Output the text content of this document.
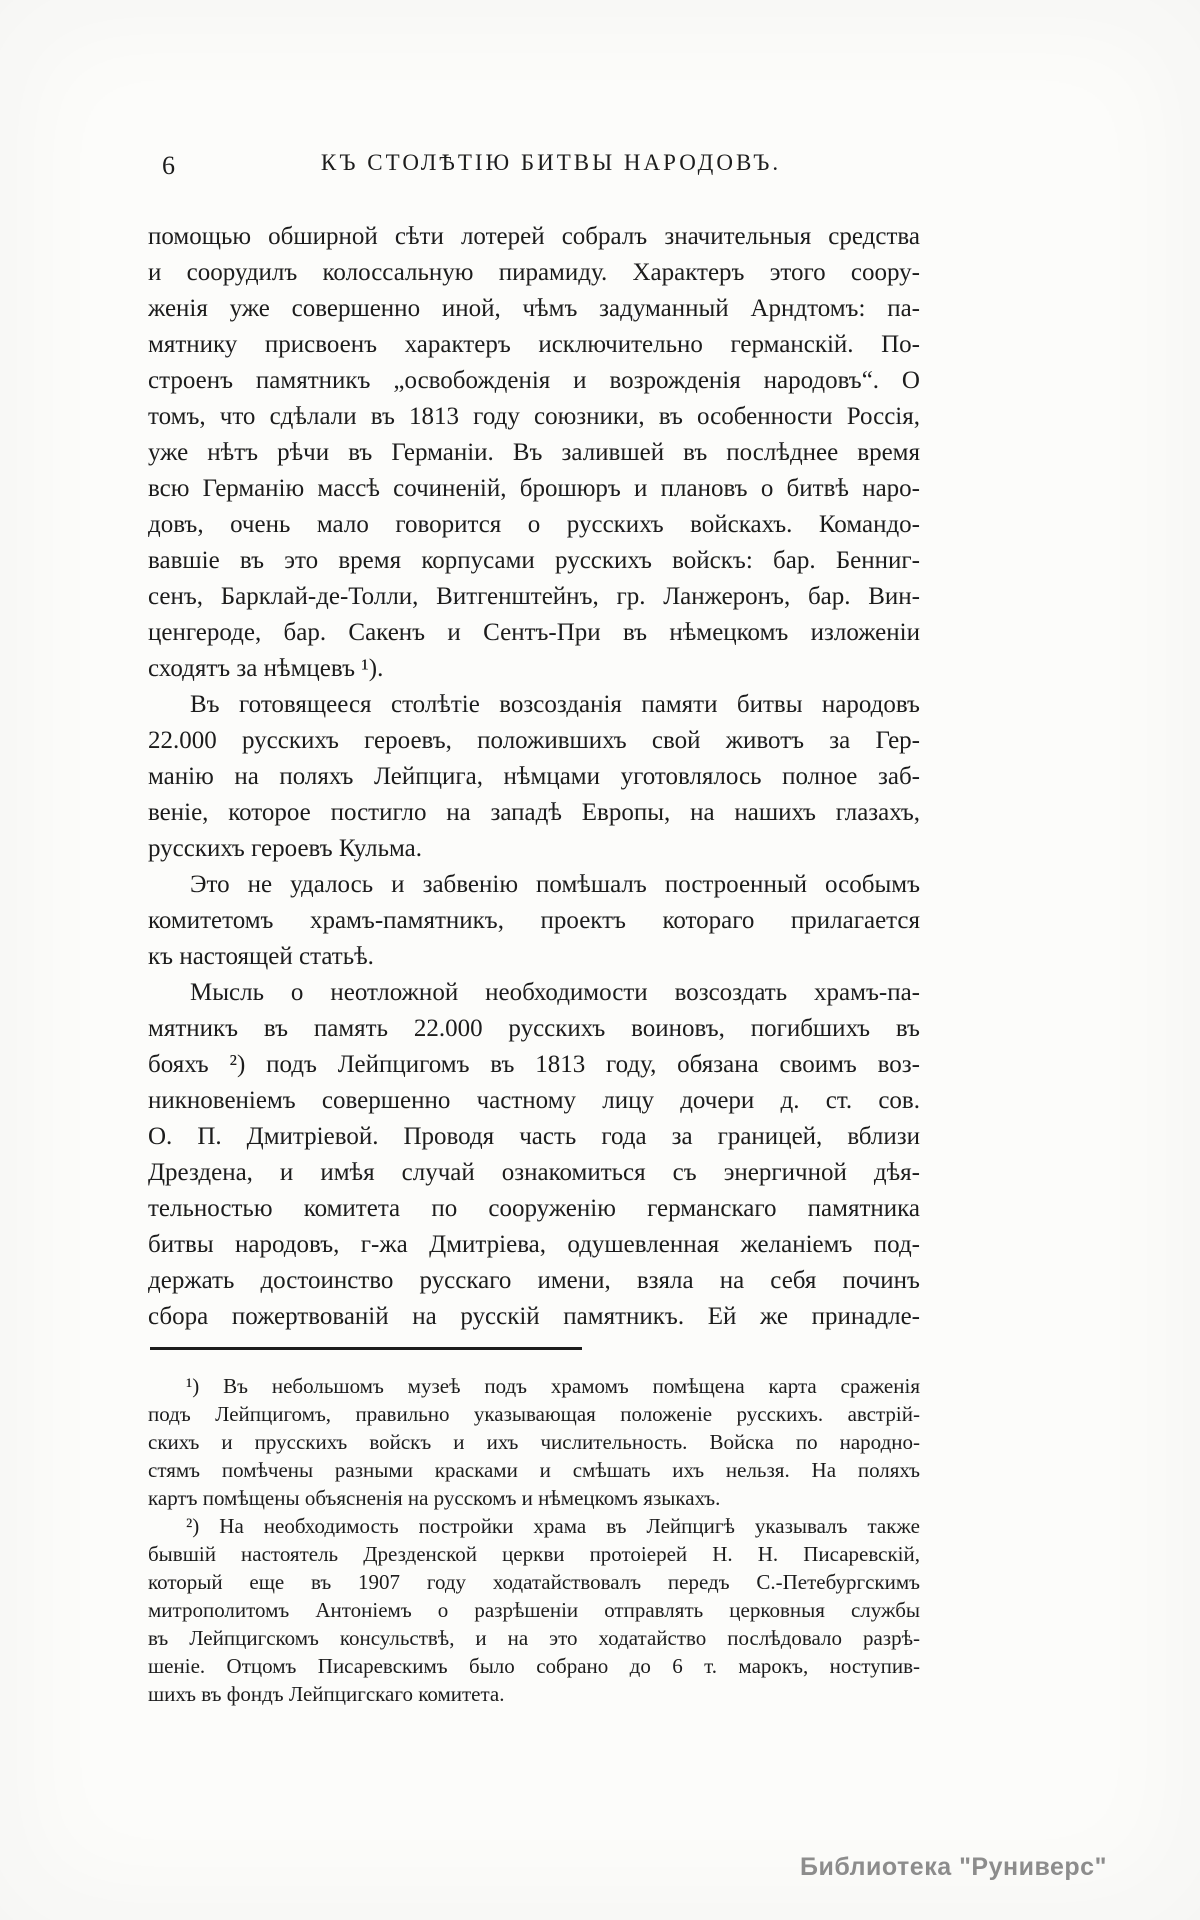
6	КЪ СТОЛѢТІЮ БИТВЫ НАРОДОВЪ.
помощью обширной сѣти лотерей собралъ значительныя средства
и соорудилъ колоссальную пирамиду. Характеръ этого соору-
женія уже совершенно иной, чѣмъ задуманный Арндтомъ: па-
мятнику присвоенъ характеръ исключительно германскій. По-
строенъ памятникъ „освобожденія и возрожденія народовъ“. О
томъ, что сдѣлали въ 1813 году союзники, въ особенности Россія,
уже нѣтъ рѣчи въ Германіи. Въ залившей въ послѣднее время
всю Германію массѣ сочиненій, брошюръ и плановъ о битвѣ наро-
довъ, очень мало говорится о русскихъ войскахъ. Командо-
вавшіе въ это время корпусами русскихъ войскъ: бар. Бенниг-
сенъ, Барклай-де-Толли, Витгенштейнъ, гр. Ланжеронъ, бар. Вин-
ценгероде, бар. Сакенъ и Сентъ-При въ нѣмецкомъ изложеніи
сходятъ за нѣмцевъ ¹).
Въ готовящееся столѣтіе возсозданія памяти битвы народовъ
22.000 русскихъ героевъ, положившихъ свой животъ за Гер-
манію на поляхъ Лейпцига, нѣмцами уготовлялось полное заб-
веніе, которое постигло на западѣ Европы, на нашихъ глазахъ,
русскихъ героевъ Кульма.
Это не удалось и забвенію помѣшалъ построенный особымъ
комитетомъ храмъ-памятникъ, проектъ котораго прилагается
къ настоящей статьѣ.
Мысль о неотложной необходимости возсоздать храмъ-па-
мятникъ въ память 22.000 русскихъ воиновъ, погибшихъ въ
бояхъ ²) подъ Лейпцигомъ въ 1813 году, обязана своимъ воз-
никновеніемъ совершенно частному лицу дочери д. ст. сов.
О. П. Дмитріевой. Проводя часть года за границей, вблизи
Дрездена, и имѣя случай ознакомиться съ энергичной дѣя-
тельностью комитета по сооруженію германскаго памятника
битвы народовъ, г-жа Дмитріева, одушевленная желаніемъ под-
держать достоинство русскаго имени, взяла на себя починъ
сбора пожертвованій на русскій памятникъ. Ей же принадле-
¹) Въ небольшомъ музеѣ подъ храмомъ помѣщена карта сраженія
подъ Лейпцигомъ, правильно указывающая положеніе русскихъ. австрій-
скихъ и прусскихъ войскъ и ихъ числительность. Войска по народно-
стямъ помѣчены разными красками и смѣшать ихъ нельзя. На поляхъ
картъ помѣщены объясненія на русскомъ и нѣмецкомъ языкахъ.
²) На необходимость постройки храма въ Лейпцигѣ указывалъ также
бывшій настоятель Дрезденской церкви протоіерей Н. Н. Писаревскій,
который еще въ 1907 году ходатайствовалъ передъ С.-Петебургскимъ
митрополитомъ Антоніемъ о разрѣшеніи отправлять церковныя службы
въ Лейпцигскомъ консульствѣ, и на это ходатайство послѣдовало разрѣ-
шеніе. Отцомъ Писаревскимъ было собрано до 6 т. марокъ, ноступив-
шихъ въ фондъ Лейпцигскаго комитета.
Библиотека "Руниверс"
